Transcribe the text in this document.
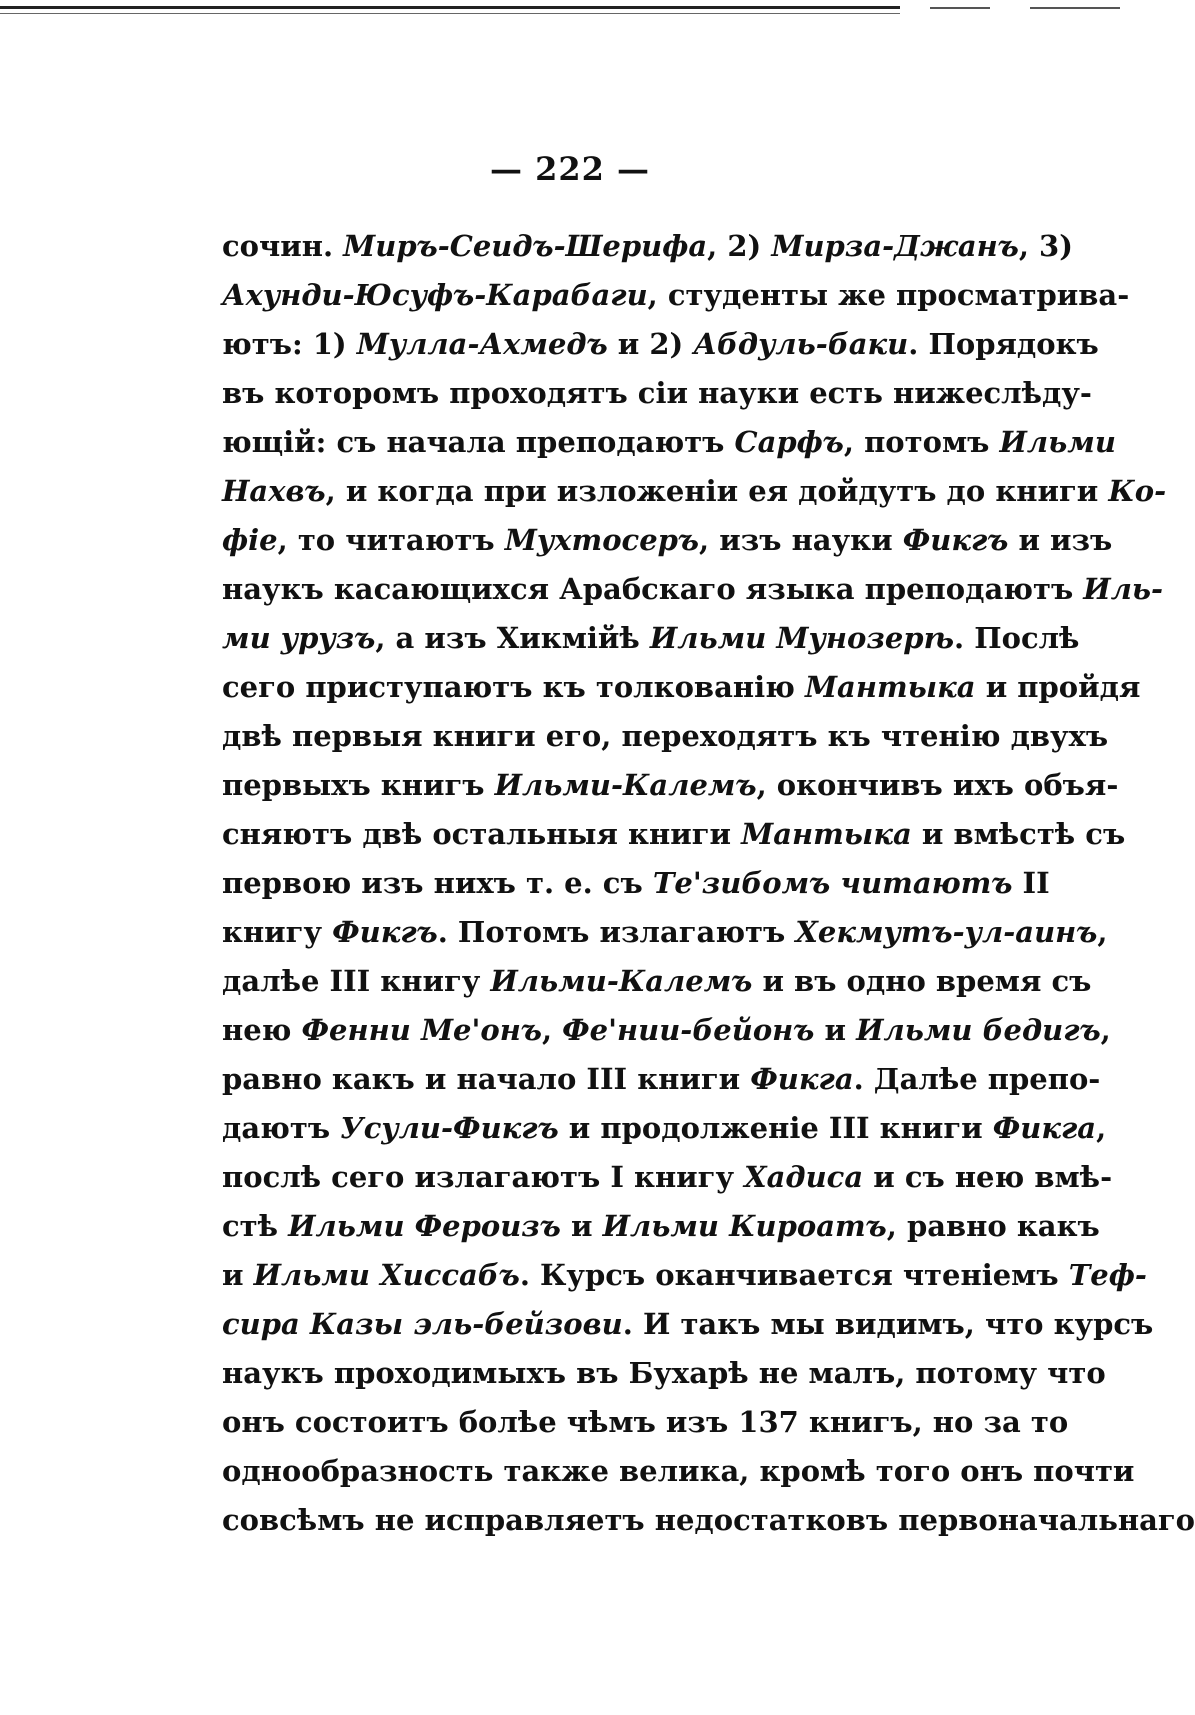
— 222 —
сочин. Миръ-Сеидъ-Шерифа, 2) Мирза-Джанъ, 3)
Ахунди-Юсуфъ-Карабаги, студенты же просматрива-
ютъ: 1) Мулла-Ахмедъ и 2) Абдуль-баки. Порядокъ
въ которомъ проходятъ сіи науки есть нижеслѣду-
ющій: съ начала преподаютъ Сарфъ, потомъ Ильми
Нахвъ, и когда при изложеніи ея дойдутъ до книги Ко-
фіе, то читаютъ Мухтосеръ, изъ науки Фикгъ и изъ
наукъ касающихся Арабскаго языка преподаютъ Иль-
ми урузъ, а изъ Хикмійѣ Ильми Мунозерѣ. Послѣ
сего приступаютъ къ толкованію Мантыка и пройдя
двѣ первыя книги его, переходятъ къ чтенію двухъ
первыхъ книгъ Ильми-Калемъ, окончивъ ихъ объя-
сняютъ двѣ остальныя книги Мантыка и вмѣстѣ съ
первою изъ нихъ т. е. съ Те'зибомъ читаютъ II
книгу Фикгъ. Потомъ излагаютъ Хекмутъ-ул-аинъ,
далѣе III книгу Ильми-Калемъ и въ одно время съ
нею Фенни Ме'онъ, Фе'нии-бейонъ и Ильми бедигъ,
равно какъ и начало III книги Фикга. Далѣе препо-
даютъ Усули-Фикгъ и продолженіе III книги Фикга,
послѣ сего излагаютъ I книгу Хадиса и съ нею вмѣ-
стѣ Ильми Фероизъ и Ильми Кироатъ, равно какъ
и Ильми Хиссабъ. Курсъ оканчивается чтеніемъ Теф-
сира Казы эль-бейзови. И такъ мы видимъ, что курсъ
наукъ проходимыхъ въ Бухарѣ не малъ, потому что
онъ состоитъ болѣе чѣмъ изъ 137 книгъ, но за то
однообразность также велика, кромѣ того онъ почти
совсѣмъ не исправляетъ недостатковъ первоначальнаго
